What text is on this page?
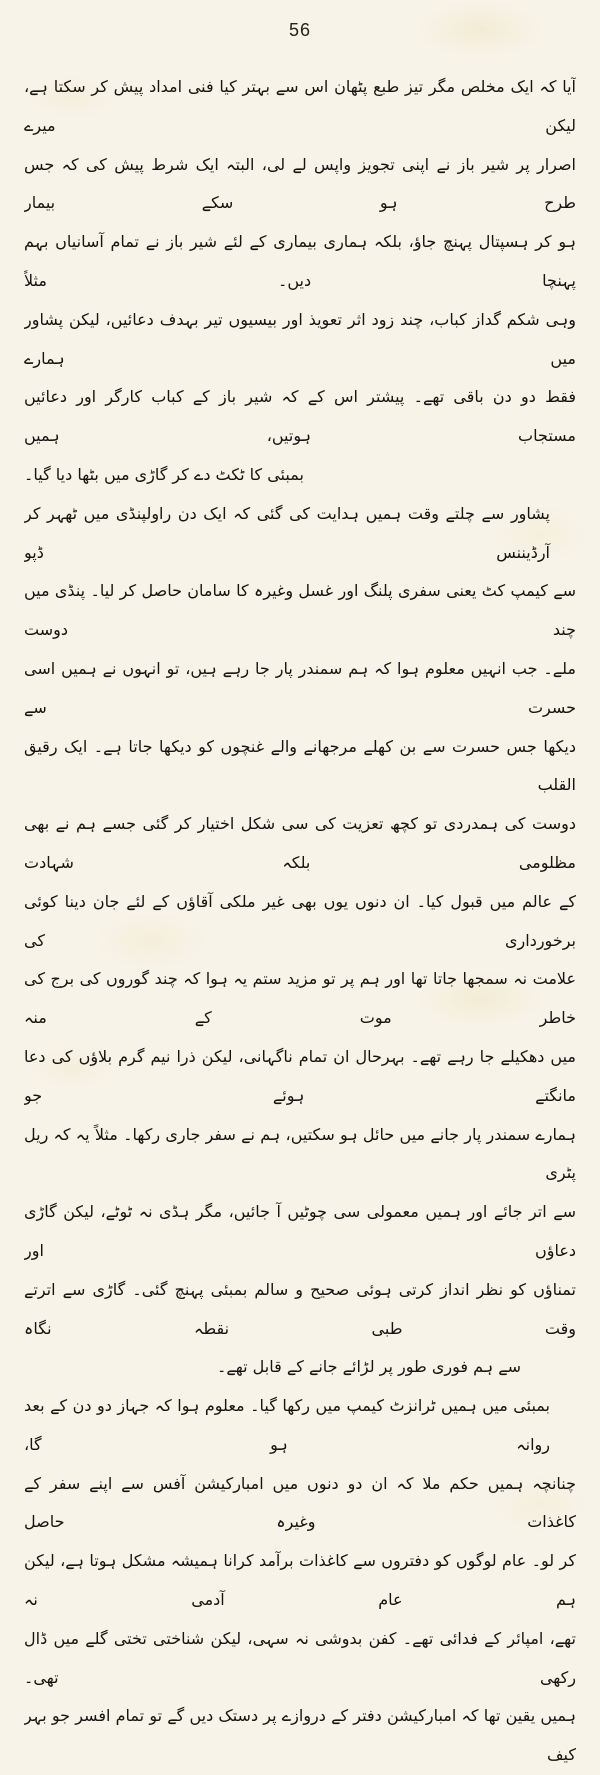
56
آیا کہ ایک مخلص مگر تیز طبع پٹھان اس سے بہتر کیا فنی امداد پیش کر سکتا ہے، لیکن میرے
اصرار پر شیر باز نے اپنی تجویز واپس لے لی، البتہ ایک شرط پیش کی کہ جس طرح ہو سکے بیمار
ہو کر ہسپتال پہنچ جاؤ، بلکہ ہماری بیماری کے لئے شیر باز نے تمام آسانیاں بہم پہنچا دیں۔ مثلاً
وہی شکم گداز کباب، چند زود اثر تعویذ اور بیسیوں تیر بہدف دعائیں، لیکن پشاور میں ہمارے
فقط دو دن باقی تھے۔ پیشتر اس کے کہ شیر باز کے کباب کارگر اور دعائیں مستجاب ہوتیں، ہمیں
بمبئی کا ٹکٹ دے کر گاڑی میں بٹھا دیا گیا۔
پشاور سے چلتے وقت ہمیں ہدایت کی گئی کہ ایک دن راولپنڈی میں ٹھہر کر آرڈیننس ڈپو
سے کیمپ کٹ یعنی سفری پلنگ اور غسل وغیرہ کا سامان حاصل کر لیا۔ پنڈی میں چند دوست
ملے۔ جب انہیں معلوم ہوا کہ ہم سمندر پار جا رہے ہیں، تو انہوں نے ہمیں اسی حسرت سے
دیکھا جس حسرت سے بن کھلے مرجھانے والے غنچوں کو دیکھا جاتا ہے۔ ایک رقیق القلب
دوست کی ہمدردی تو کچھ تعزیت کی سی شکل اختیار کر گئی جسے ہم نے بھی مظلومی بلکہ شہادت
کے عالم میں قبول کیا۔ ان دنوں یوں بھی غیر ملکی آقاؤں کے لئے جان دینا کوئی برخورداری کی
علامت نہ سمجھا جاتا تھا اور ہم پر تو مزید ستم یہ ہوا کہ چند گوروں کی برج کی خاطر موت کے منہ
میں دھکیلے جا رہے تھے۔ بہرحال ان تمام ناگہانی، لیکن ذرا نیم گرم بلاؤں کی دعا مانگتے ہوئے جو
ہمارے سمندر پار جانے میں حائل ہو سکتیں، ہم نے سفر جاری رکھا۔ مثلاً یہ کہ ریل پٹری
سے اتر جائے اور ہمیں معمولی سی چوٹیں آ جائیں، مگر ہڈی نہ ٹوٹے، لیکن گاڑی دعاؤں اور
تمناؤں کو نظر انداز کرتی ہوئی صحیح و سالم بمبئی پہنچ گئی۔ گاڑی سے اترتے وقت طبی نقطہ نگاہ
سے ہم فوری طور پر لڑائے جانے کے قابل تھے۔
بمبئی میں ہمیں ٹرانزٹ کیمپ میں رکھا گیا۔ معلوم ہوا کہ جہاز دو دن کے بعد روانہ ہو گا،
چنانچہ ہمیں حکم ملا کہ ان دو دنوں میں امبارکیشن آفس سے اپنے سفر کے کاغذات وغیرہ حاصل
کر لو۔ عام لوگوں کو دفتروں سے کاغذات برآمد کرانا ہمیشہ مشکل ہوتا ہے، لیکن ہم عام آدمی نہ
تھے، امپائر کے فدائی تھے۔ کفن بدوشی نہ سہی، لیکن شناختی تختی گلے میں ڈال رکھی تھی۔
ہمیں یقین تھا کہ امبارکیشن دفتر کے دروازے پر دستک دیں گے تو تمام افسر جو بہر کیف
